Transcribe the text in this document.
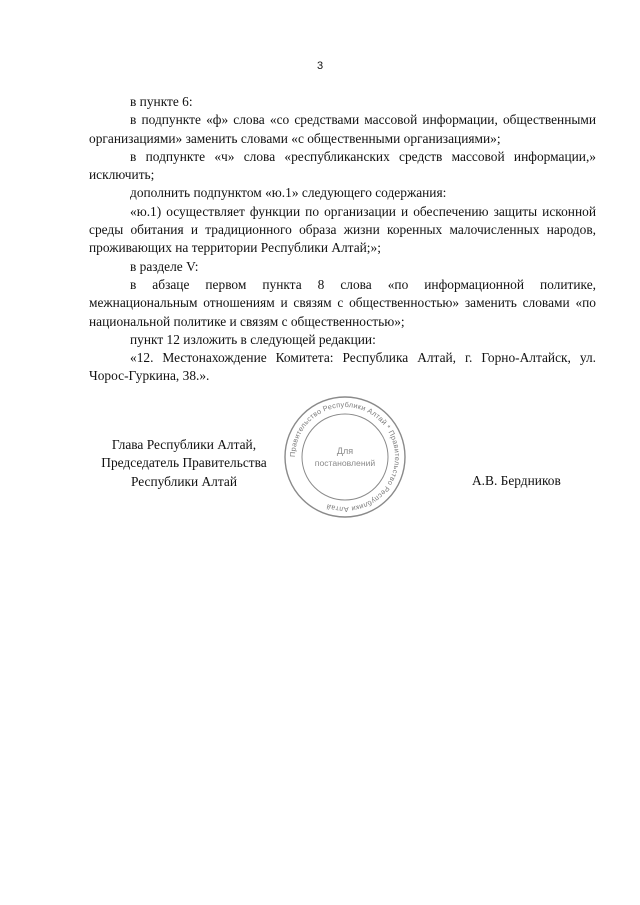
3

в пункте 6:

в подпункте «ф» слова «со средствами массовой информации, общественными организациями» заменить словами «с общественными организациями»;

в подпункте «ч» слова «республиканских средств массовой информации,» исключить;

дополнить подпунктом «ю.1» следующего содержания:

«ю.1) осуществляет функции по организации и обеспечению защиты исконной среды обитания и традиционного образа жизни коренных малочисленных народов, проживающих на территории Республики Алтай;»;

в разделе V:

в абзаце первом пункта 8 слова «по информационной политике, межнациональным отношениям и связям с общественностью» заменить словами «по национальной политике и связям с общественностью»;

пункт 12 изложить в следующей редакции:

«12. Местонахождение Комитета: Республика Алтай, г. Горно-Алтайск, ул. Чорос-Гуркина, 38.».

Глава Республики Алтай,
Председатель Правительства
Республики Алтай
Правительство Республики Алтай * Правительство Республики Алтай
Для
постановлений
А.В. Бердников
